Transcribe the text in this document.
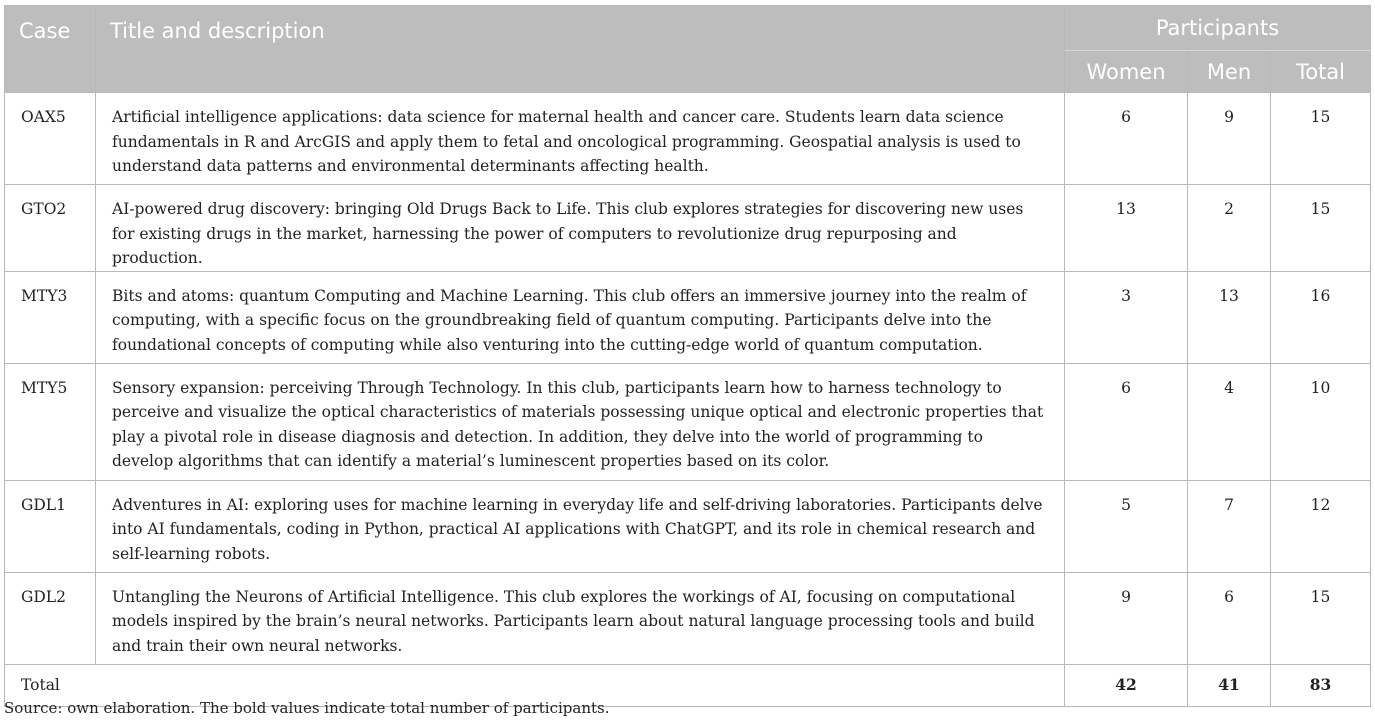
Case	Title and description	Participants		
		Women	Men	Total
OAX5	Artificial intelligence applications: data science for maternal health and cancer care. Students learn data science fundamentals in R and ArcGIS and apply them to fetal and oncological programming. Geospatial analysis is used to understand data patterns and environmental determinants affecting health.	6	9	15
GTO2	AI-powered drug discovery: bringing Old Drugs Back to Life. This club explores strategies for discovering new uses for existing drugs in the market, harnessing the power of computers to revolutionize drug repurposing and production.	13	2	15
MTY3	Bits and atoms: quantum Computing and Machine Learning. This club offers an immersive journey into the realm of computing, with a specific focus on the groundbreaking field of quantum computing. Participants delve into the foundational concepts of computing while also venturing into the cutting-edge world of quantum computation.	3	13	16
MTY5	Sensory expansion: perceiving Through Technology. In this club, participants learn how to harness technology to perceive and visualize the optical characteristics of materials possessing unique optical and electronic properties that play a pivotal role in disease diagnosis and detection. In addition, they delve into the world of programming to develop algorithms that can identify a material’s luminescent properties based on its color.	6	4	10
GDL1	Adventures in AI: exploring uses for machine learning in everyday life and self-driving laboratories. Participants delve into AI fundamentals, coding in Python, practical AI applications with ChatGPT, and its role in chemical research and self-learning robots.	5	7	12
GDL2	Untangling the Neurons of Artificial Intelligence. This club explores the workings of AI, focusing on computational models inspired by the brain’s neural networks. Participants learn about natural language processing tools and build and train their own neural networks.	9	6	15
Total		42	41	83
Source: own elaboration. The bold values indicate total number of participants.
